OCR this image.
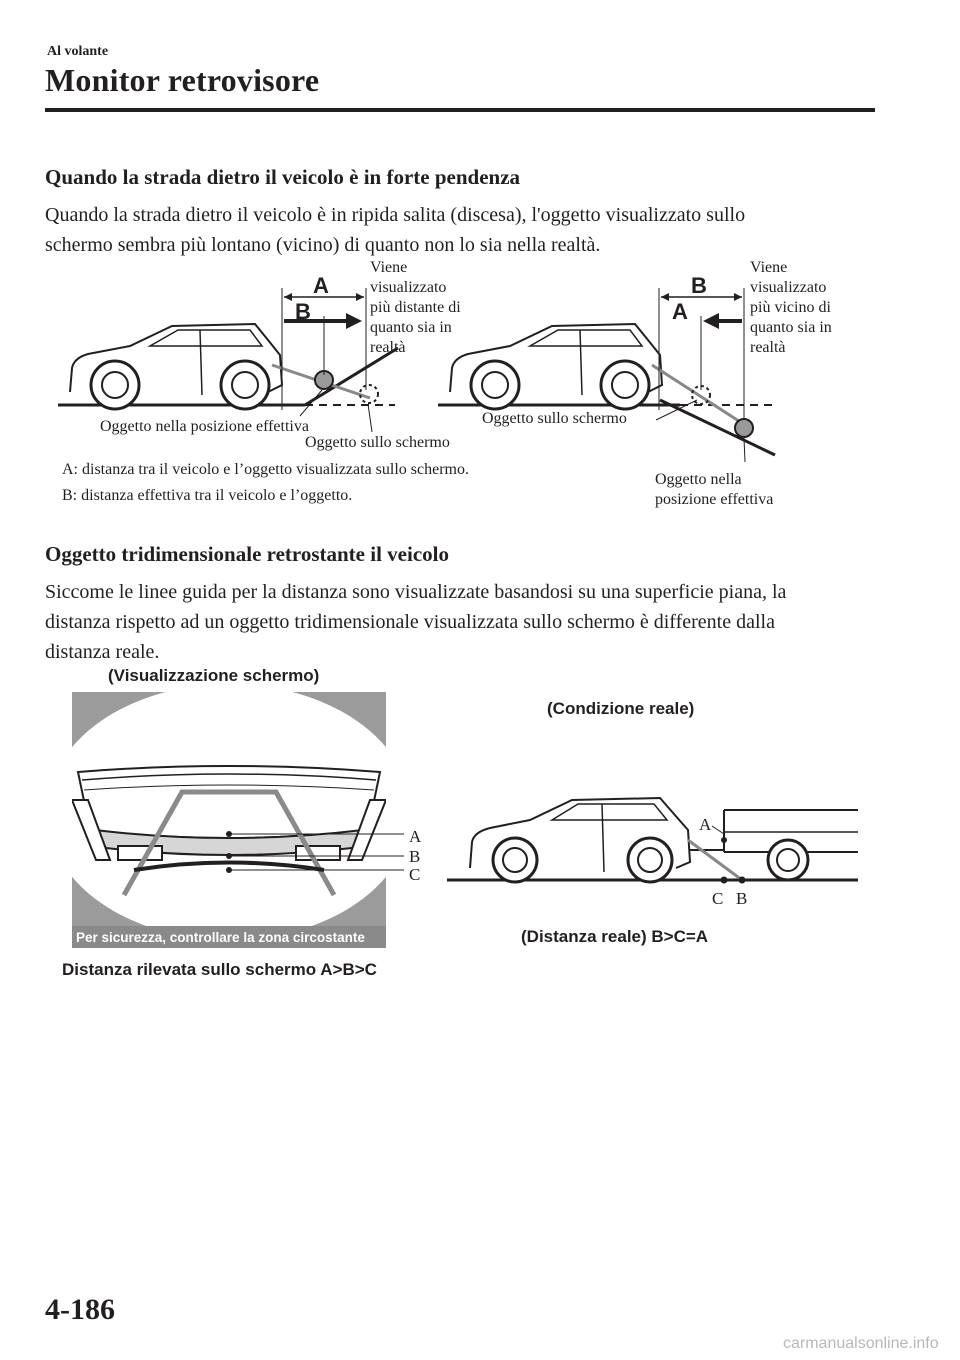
Al volante
Monitor retrovisore
Quando la strada dietro il veicolo è in forte pendenza
Quando la strada dietro il veicolo è in ripida salita (discesa), l'oggetto visualizzato sullo
schermo sembra più lontano (vicino) di quanto non lo sia nella realtà.
A
B
B
A
Viene
visualizzato
più distante di
quanto sia in
realtà
Oggetto nella posizione effettiva
Oggetto sullo schermo
Viene
visualizzato
più vicino di
quanto sia in
realtà
Oggetto sullo schermo
Oggetto nella
posizione effettiva
A: distanza tra il veicolo e l’oggetto visualizzata sullo schermo.
B: distanza effettiva tra il veicolo e l’oggetto.
Oggetto tridimensionale retrostante il veicolo
Siccome le linee guida per la distanza sono visualizzate basandosi su una superficie piana, la
distanza rispetto ad un oggetto tridimensionale visualizzata sullo schermo è differente dalla
distanza reale.
(Visualizzazione schermo)
Per sicurezza, controllare la zona circostante
A
B
C
A
C B
(Condizione reale)
(Distanza reale) B>C=A
Distanza rilevata sullo schermo A>B>C
4-186
carmanualsonline.info
